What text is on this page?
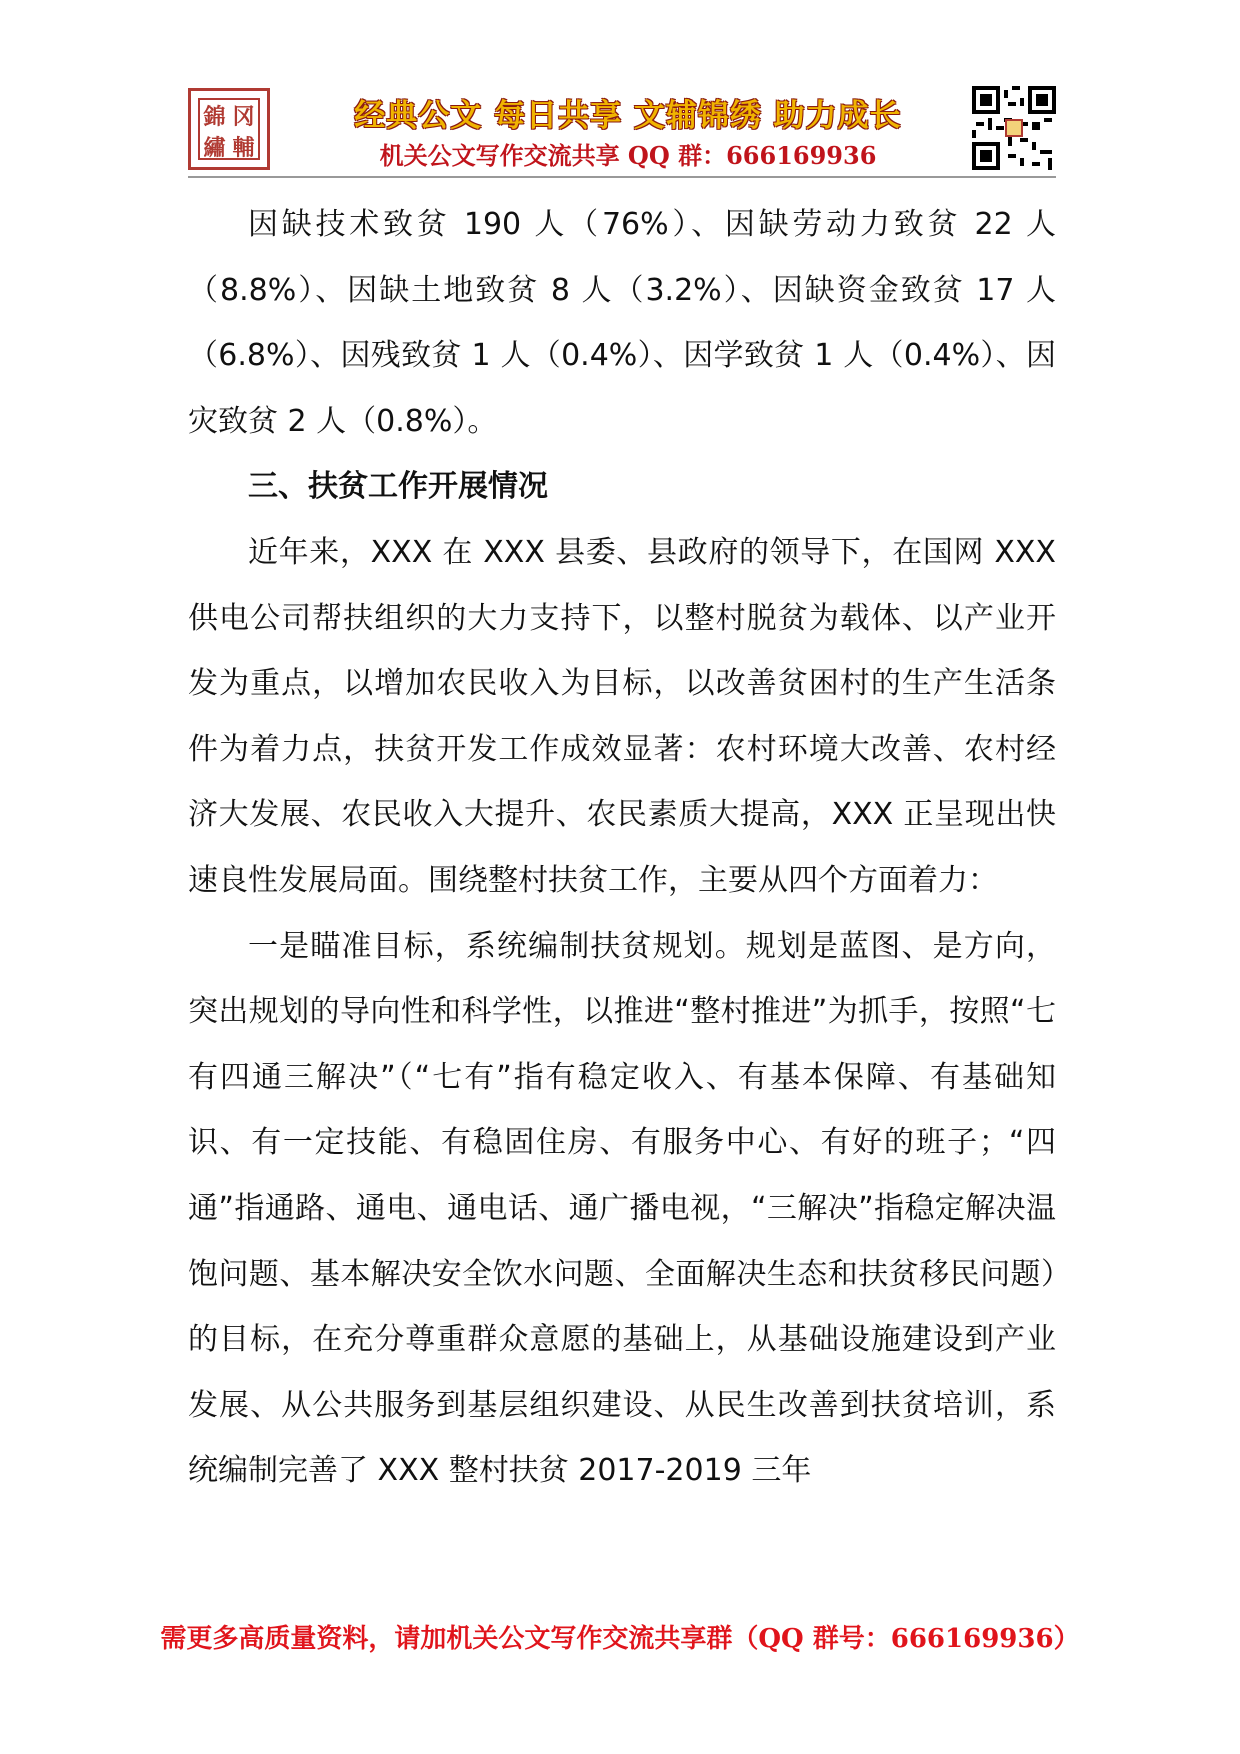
錦 冈
繡 輔
经典公文 每日共享 文辅锦绣 助力成长
机关公文写作交流共享 QQ 群：666169936

因缺技术致贫 190 人（76%）、因缺劳动力致贫 22 人（8.8%）、因缺土地致贫 8 人（3.2%）、因缺资金致贫 17 人（6.8%）、因残致贫 1 人（0.4%）、因学致贫 1 人（0.4%）、因灾致贫 2 人（0.8%）。

三、扶贫工作开展情况

近年来，XXX 在 XXX 县委、县政府的领导下，在国网 XXX 供电公司帮扶组织的大力支持下，以整村脱贫为载体、以产业开发为重点，以增加农民收入为目标，以改善贫困村的生产生活条件为着力点，扶贫开发工作成效显著：农村环境大改善、农村经济大发展、农民收入大提升、农民素质大提高，XXX 正呈现出快速良性发展局面。围绕整村扶贫工作，主要从四个方面着力：

一是瞄准目标，系统编制扶贫规划。规划是蓝图、是方向，突出规划的导向性和科学性，以推进“整村推进”为抓手，按照“七有四通三解决”（“七有”指有稳定收入、有基本保障、有基础知识、有一定技能、有稳固住房、有服务中心、有好的班子；“四通”指通路、通电、通电话、通广播电视，“三解决”指稳定解决温饱问题、基本解决安全饮水问题、全面解决生态和扶贫移民问题）的目标，在充分尊重群众意愿的基础上，从基础设施建设到产业发展、从公共服务到基层组织建设、从民生改善到扶贫培训，系统编制完善了 XXX 整村扶贫 2017-2019 三年

需更多高质量资料，请加机关公文写作交流共享群（QQ 群号：666169936）
